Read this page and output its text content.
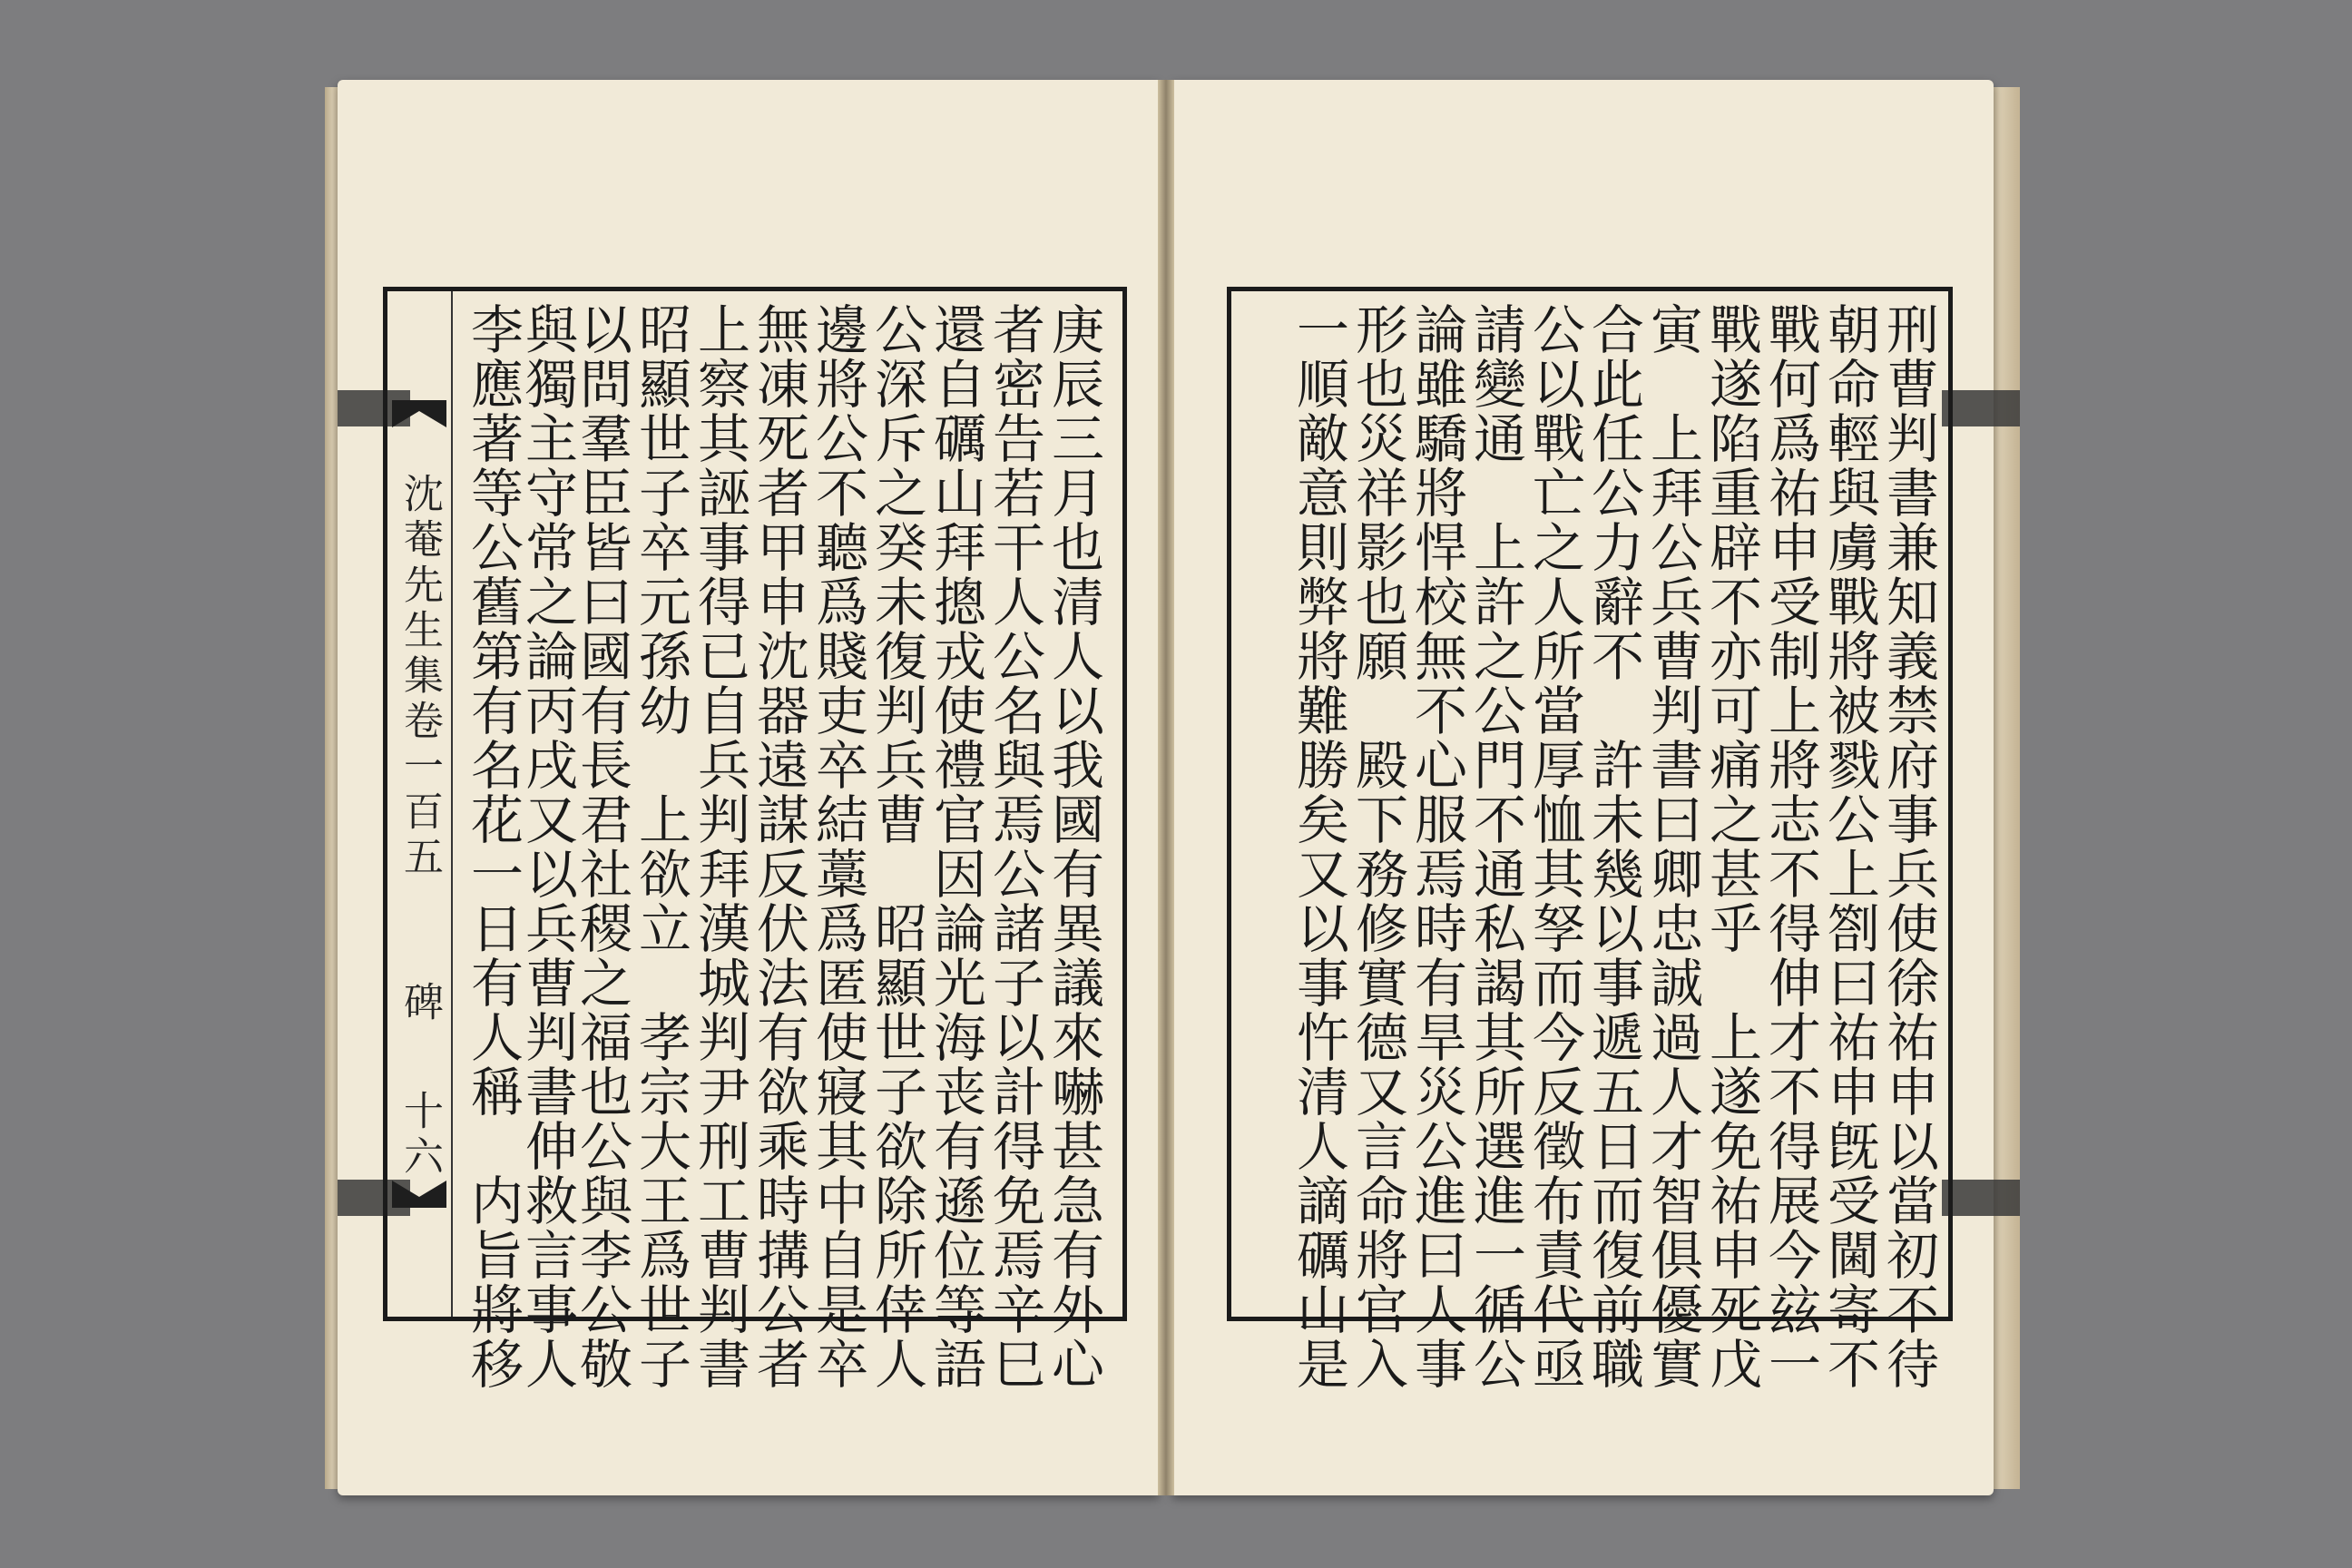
沈菴先生集卷一百五
碑
十六	庚辰三月也清人以我國有異議來嚇甚急有外心
者密告若干人公名與焉公諸子以計得免焉辛巳
還自礪山拜摠戎使禮官因論光海丧有遜位等語
公深斥之癸未復判兵曹　昭顯世子欲除所倖人
邊將公不聽爲賤吏卒結藁爲匿使寢其中自是卒
無凍死者甲申沈器遠謀反伏法有欲乘時搆公者
上察其誣事得已自兵判拜漢城判尹刑工曹判書
昭顯世子卒元孫幼　上欲立　孝宗大王爲世子
以問羣臣皆曰國有長君社稷之福也公與李公敬
與獨主守常之論丙戌又以兵曹判書伸救言事人
李應著等公舊第有名花一日有人稱　内旨將移	刑曹判書兼知義禁府事兵使徐祐申以當初不待
朝命輕與虜戰將被戮公上劄曰祐申旣受閫寄不
戰何爲祐申受制上將志不得伸才不得展今玆一
戰遂陷重辟不亦可痛之甚乎　上遂免祐申死戊
寅　上拜公兵曹判書曰卿忠誠過人才智俱優實
合此任公力辭不　許未幾以事遞五日而復前職
公以戰亡之人所當厚恤其孥而今反徵布責代亟
請變通　上許之公門不通私謁其所選進一循公
論雖驕將悍校無不心服焉時有旱災公進曰人事
形也災祥影也願　殿下務修實德又言命將官入
一順敵意則弊將難勝矣又以事忤清人謫礪山是
